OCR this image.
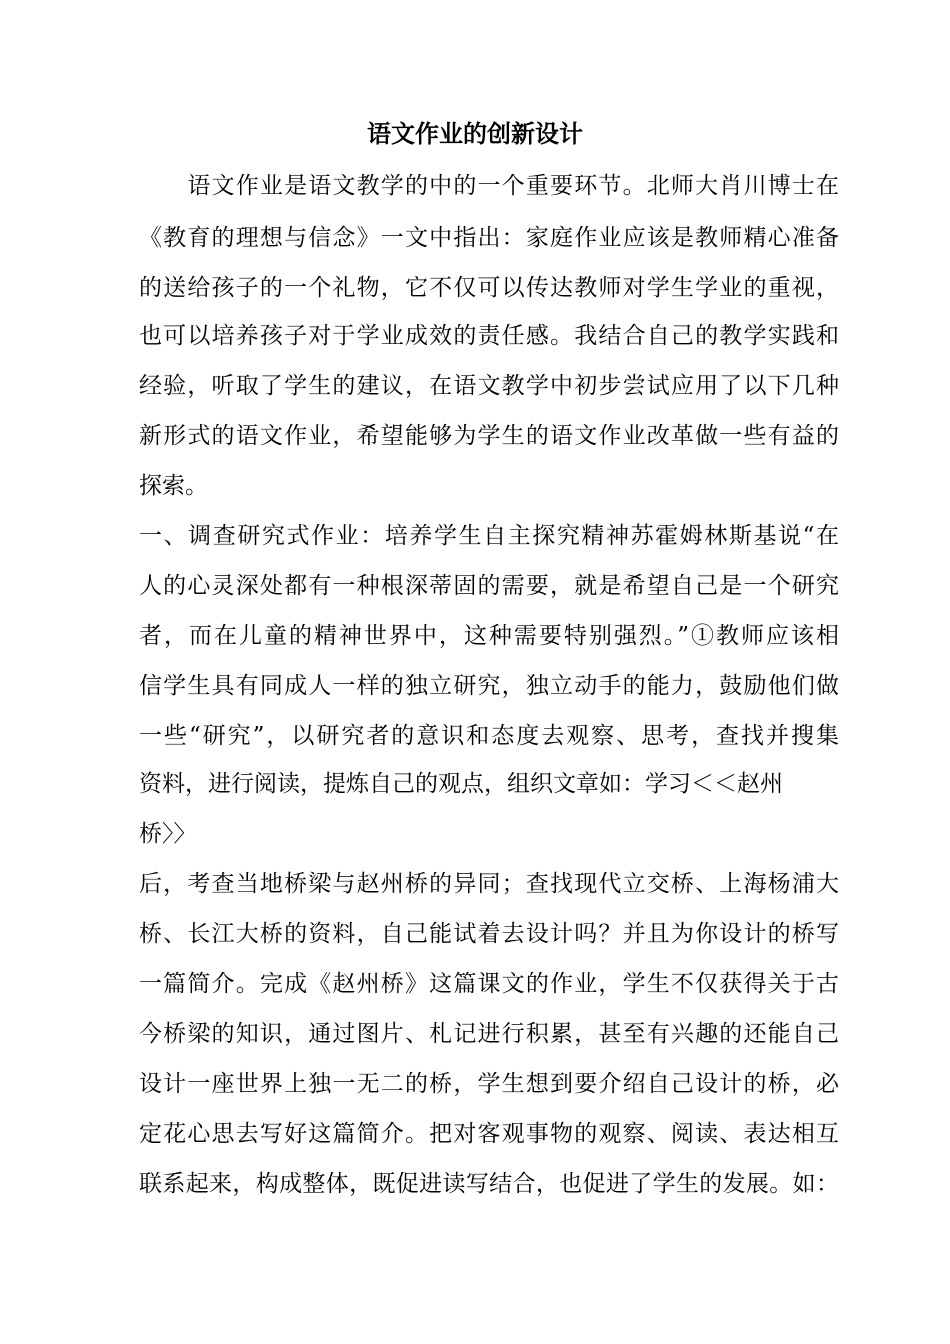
语文作业的创新设计
　　语文作业是语文教学的中的一个重要环节。北师大肖川博士在
《教育的理想与信念》一文中指出：家庭作业应该是教师精心准备
的送给孩子的一个礼物，它不仅可以传达教师对学生学业的重视，
也可以培养孩子对于学业成效的责任感。我结合自己的教学实践和
经验，听取了学生的建议，在语文教学中初步尝试应用了以下几种
新形式的语文作业，希望能够为学生的语文作业改革做一些有益的
探索。
一、调查研究式作业：培养学生自主探究精神苏霍姆林斯基说“在
人的心灵深处都有一种根深蒂固的需要，就是希望自己是一个研究
者，而在儿童的精神世界中，这种需要特别强烈。”①教师应该相
信学生具有同成人一样的独立研究，独立动手的能力，鼓励他们做
一些“研究”，以研究者的意识和态度去观察、思考，查找并搜集
资料，进行阅读，提炼自己的观点，组织文章如：学习＜＜赵州
桥〉〉
后，考查当地桥梁与赵州桥的异同；查找现代立交桥、上海杨浦大
桥、长江大桥的资料，自己能试着去设计吗？并且为你设计的桥写
一篇简介。完成《赵州桥》这篇课文的作业，学生不仅获得关于古
今桥梁的知识，通过图片、札记进行积累，甚至有兴趣的还能自己
设计一座世界上独一无二的桥，学生想到要介绍自己设计的桥，必
定花心思去写好这篇简介。把对客观事物的观察、阅读、表达相互
联系起来，构成整体，既促进读写结合，也促进了学生的发展。如：
